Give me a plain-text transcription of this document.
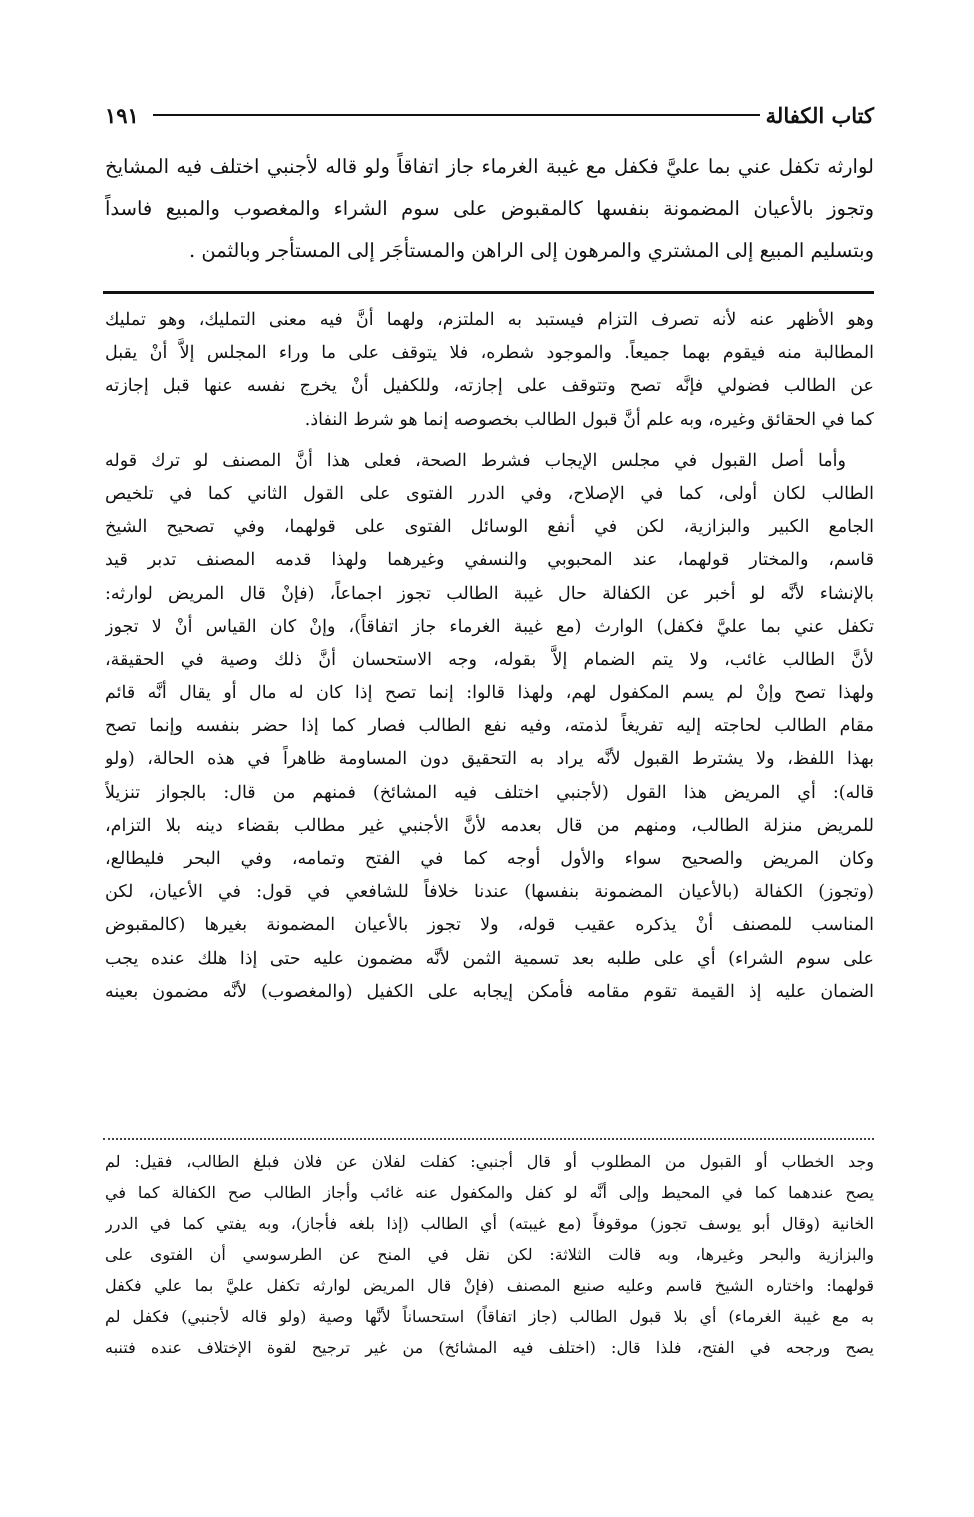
كتاب الكفالة
١٩١
لوارثه تكفل عني بما عليَّ فكفل مع غيبة الغرماء جاز اتفاقاً ولو قاله لأجنبي اختلف فيه المشايخ
وتجوز بالأعيان المضمونة بنفسها كالمقبوض على سوم الشراء والمغصوب والمبيع فاسداً
وبتسليم المبيع إلى المشتري والمرهون إلى الراهن والمستأجَر إلى المستأجر وبالثمن .
وهو الأظهر عنه لأنه تصرف التزام فيستبد به الملتزم، ولهما أنَّ فيه معنى التمليك، وهو تمليك
المطالبة منه فيقوم بهما جميعاً. والموجود شطره، فلا يتوقف على ما وراء المجلس إلاَّ أنْ يقبل
عن الطالب فضولي فإنَّه تصح وتتوقف على إجازته، وللكفيل أنْ يخرج نفسه عنها قبل إجازته
كما في الحقائق وغيره، وبه علم أنَّ قبول الطالب بخصوصه إنما هو شرط النفاذ.
وأما أصل القبول في مجلس الإيجاب فشرط الصحة، فعلى هذا أنَّ المصنف لو ترك قوله
الطالب لكان أولى، كما في الإصلاح، وفي الدرر الفتوى على القول الثاني كما في تلخيص
الجامع الكبير والبزازية، لكن في أنفع الوسائل الفتوى على قولهما، وفي تصحيح الشيخ
قاسم، والمختار قولهما، عند المحبوبي والنسفي وغيرهما ولهذا قدمه المصنف تدبر قيد
بالإنشاء لأنَّه لو أخبر عن الكفالة حال غيبة الطالب تجوز اجماعاً، (فإنْ قال المريض لوارثه:
تكفل عني بما عليَّ فكفل) الوارث (مع غيبة الغرماء جاز اتفاقاً)، وإنْ كان القياس أنْ لا تجوز
لأنَّ الطالب غائب، ولا يتم الضمام إلاَّ بقوله، وجه الاستحسان أنَّ ذلك وصية في الحقيقة،
ولهذا تصح وإنْ لم يسم المكفول لهم، ولهذا قالوا: إنما تصح إذا كان له مال أو يقال أنَّه قائم
مقام الطالب لحاجته إليه تفريغاً لذمته، وفيه نفع الطالب فصار كما إذا حضر بنفسه وإنما تصح
بهذا اللفظ، ولا يشترط القبول لأنَّه يراد به التحقيق دون المساومة ظاهراً في هذه الحالة، (ولو
قاله): أي المريض هذا القول (لأجنبي اختلف فيه المشائخ) فمنهم من قال: بالجواز تنزيلاً
للمريض منزلة الطالب، ومنهم من قال بعدمه لأنَّ الأجنبي غير مطالب بقضاء دينه بلا التزام،
وكان المريض والصحيح سواء والأول أوجه كما في الفتح وتمامه، وفي البحر فليطالع،
(وتجوز) الكفالة (بالأعيان المضمونة بنفسها) عندنا خلافاً للشافعي في قول: في الأعيان، لكن
المناسب للمصنف أنْ يذكره عقيب قوله، ولا تجوز بالأعيان المضمونة بغيرها (كالمقبوض
على سوم الشراء) أي على طلبه بعد تسمية الثمن لأنَّه مضمون عليه حتى إذا هلك عنده يجب
الضمان عليه إذ القيمة تقوم مقامه فأمكن إيجابه على الكفيل (والمغصوب) لأنَّه مضمون بعينه
وجد الخطاب أو القبول من المطلوب أو قال أجنبي: كفلت لفلان عن فلان فبلغ الطالب، فقيل: لم
يصح عندهما كما في المحيط وإلى أنَّه لو كفل والمكفول عنه غائب وأجاز الطالب صح الكفالة كما في
الخانية (وقال أبو يوسف تجوز) موقوفاً (مع غيبته) أي الطالب (إذا بلغه فأجاز)، وبه يفتي كما في الدرر
والبزازية والبحر وغيرها، وبه قالت الثلاثة: لكن نقل في المنح عن الطرسوسي أن الفتوى على
قولهما: واختاره الشيخ قاسم وعليه صنيع المصنف (فإنْ قال المريض لوارثه تكفل عليَّ بما علي فكفل
به مع غيبة الغرماء) أي بلا قبول الطالب (جاز اتفاقاً) استحساناً لأنَّها وصية (ولو قاله لأجنبي) فكفل لم
يصح ورجحه في الفتح، فلذا قال: (اختلف فيه المشائخ) من غير ترجيح لقوة الإختلاف عنده فتنبه
